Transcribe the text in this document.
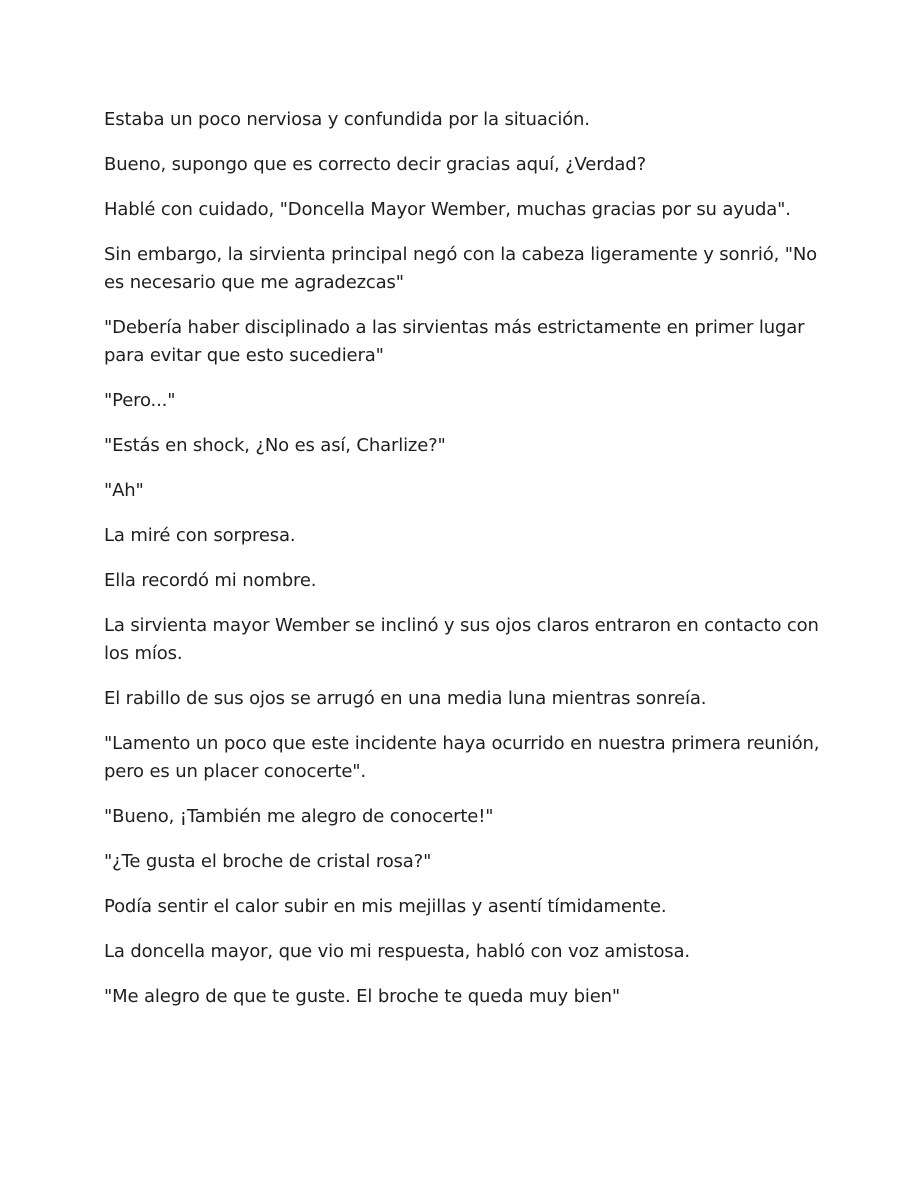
Estaba un poco nerviosa y confundida por la situación.

Bueno, supongo que es correcto decir gracias aquí, ¿Verdad?

Hablé con cuidado, "Doncella Mayor Wember, muchas gracias por su ayuda".

Sin embargo, la sirvienta principal negó con la cabeza ligeramente y sonrió, "No es necesario que me agradezcas"

"Debería haber disciplinado a las sirvientas más estrictamente en primer lugar para evitar que esto sucediera"

"Pero..."

"Estás en shock, ¿No es así, Charlize?"

"Ah"

La miré con sorpresa.

Ella recordó mi nombre.

La sirvienta mayor Wember se inclinó y sus ojos claros entraron en contacto con los míos.

El rabillo de sus ojos se arrugó en una media luna mientras sonreía.

"Lamento un poco que este incidente haya ocurrido en nuestra primera reunión, pero es un placer conocerte".

"Bueno, ¡También me alegro de conocerte!"

"¿Te gusta el broche de cristal rosa?"

Podía sentir el calor subir en mis mejillas y asentí tímidamente.

La doncella mayor, que vio mi respuesta, habló con voz amistosa.

"Me alegro de que te guste. El broche te queda muy bien"
